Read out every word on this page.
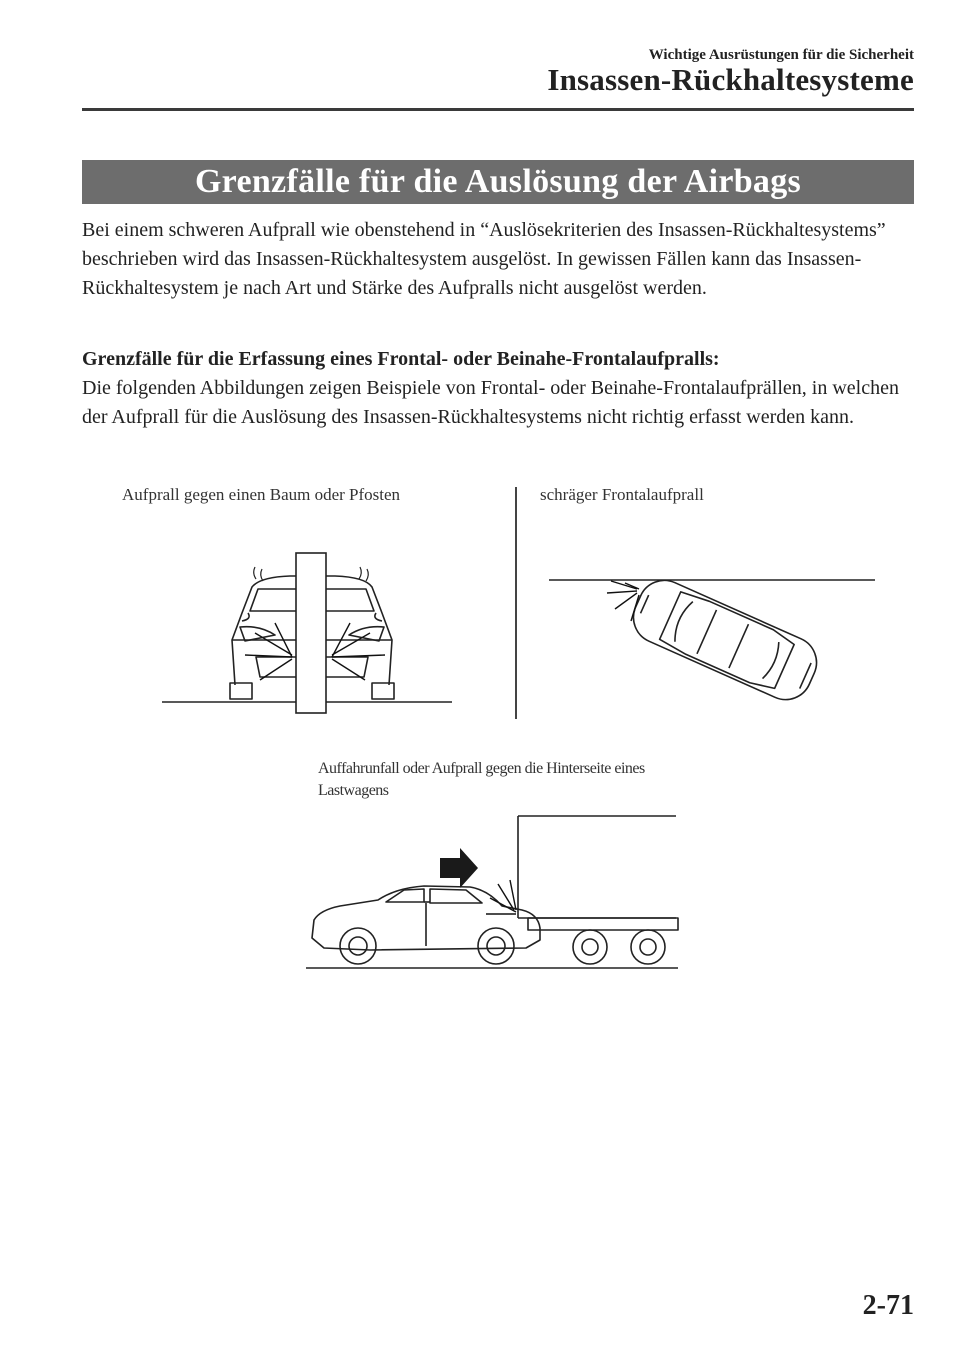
Wichtige Ausrüstungen für die Sicherheit
Insassen-Rückhaltesysteme
Grenzfälle für die Auslösung der Airbags
Bei einem schweren Aufprall wie obenstehend in “Auslösekriterien des Insassen-Rückhaltesystems” beschrieben wird das Insassen-Rückhaltesystem ausgelöst. In gewissen Fällen kann das Insassen-Rückhaltesystem je nach Art und Stärke des Aufpralls nicht ausgelöst werden.
Grenzfälle für die Erfassung eines Frontal- oder Beinahe-Frontalaufpralls:
Die folgenden Abbildungen zeigen Beispiele von Frontal- oder Beinahe-Frontalaufprällen, in welchen der Aufprall für die Auslösung des Insassen-Rückhaltesystems nicht richtig erfasst werden kann.
Aufprall gegen einen Baum oder Pfosten	schräger Frontalaufprall
Auffahrunfall oder Aufprall gegen die Hinterseite eines Lastwagens
2-71
